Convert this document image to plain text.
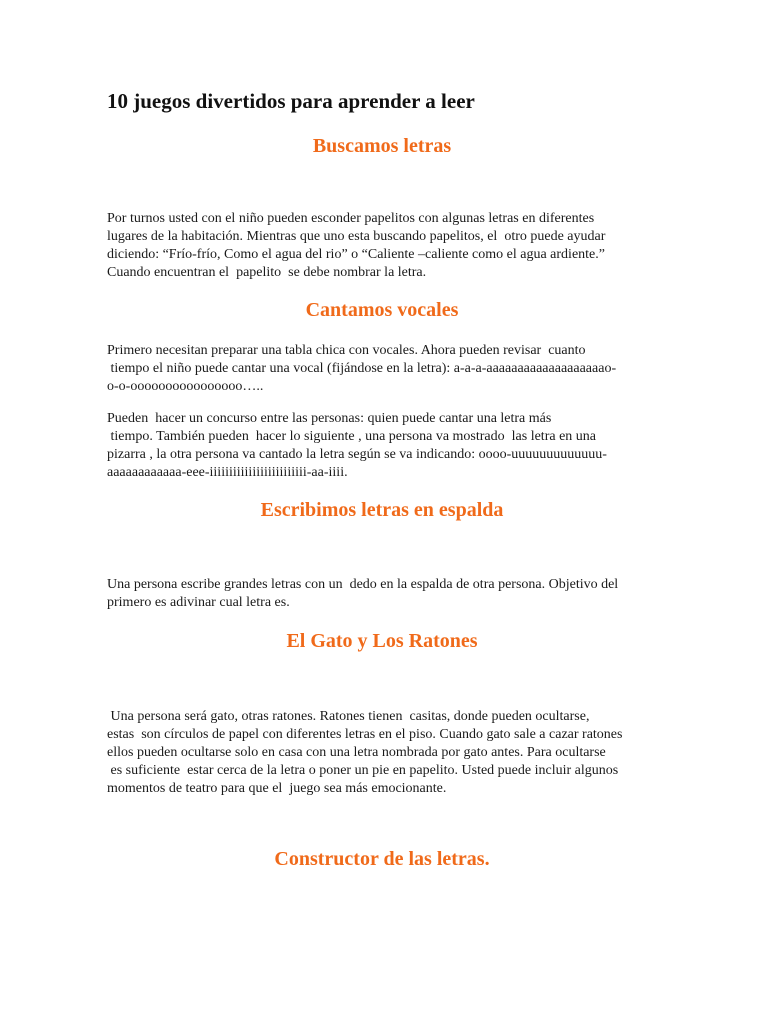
10 juegos divertidos para aprender a leer
Buscamos letras
Por turnos usted con el niño pueden esconder papelitos con algunas letras en diferentes
lugares de la habitación. Mientras que uno esta buscando papelitos, el  otro puede ayudar
diciendo: “Frío-frío, Como el agua del rio” o “Caliente –caliente como el agua ardiente.”
Cuando encuentran el  papelito  se debe nombrar la letra.
Cantamos vocales
Primero necesitan preparar una tabla chica con vocales. Ahora pueden revisar  cuanto
tiempo el niño puede cantar una vocal (fijándose en la letra): a-a-a-aaaaaaaaaaaaaaaaaaao-
o-o-oooooooooooooooo…..
Pueden  hacer un concurso entre las personas: quien puede cantar una letra más
tiempo. También pueden  hacer lo siguiente , una persona va mostrado  las letra en una
pizarra , la otra persona va cantado la letra según se va indicando: oooo-uuuuuuuuuuuuu-
aaaaaaaaaaaa-eee-iiiiiiiiiiiiiiiiiiiiiiiii-aa-iiii.
Escribimos letras en espalda
Una persona escribe grandes letras con un  dedo en la espalda de otra persona. Objetivo del
primero es adivinar cual letra es.
El Gato y Los Ratones
Una persona será gato, otras ratones. Ratones tienen  casitas, donde pueden ocultarse,
estas  son círculos de papel con diferentes letras en el piso. Cuando gato sale a cazar ratones
ellos pueden ocultarse solo en casa con una letra nombrada por gato antes. Para ocultarse
es suficiente  estar cerca de la letra o poner un pie en papelito. Usted puede incluir algunos
momentos de teatro para que el  juego sea más emocionante.
Constructor de las letras.
